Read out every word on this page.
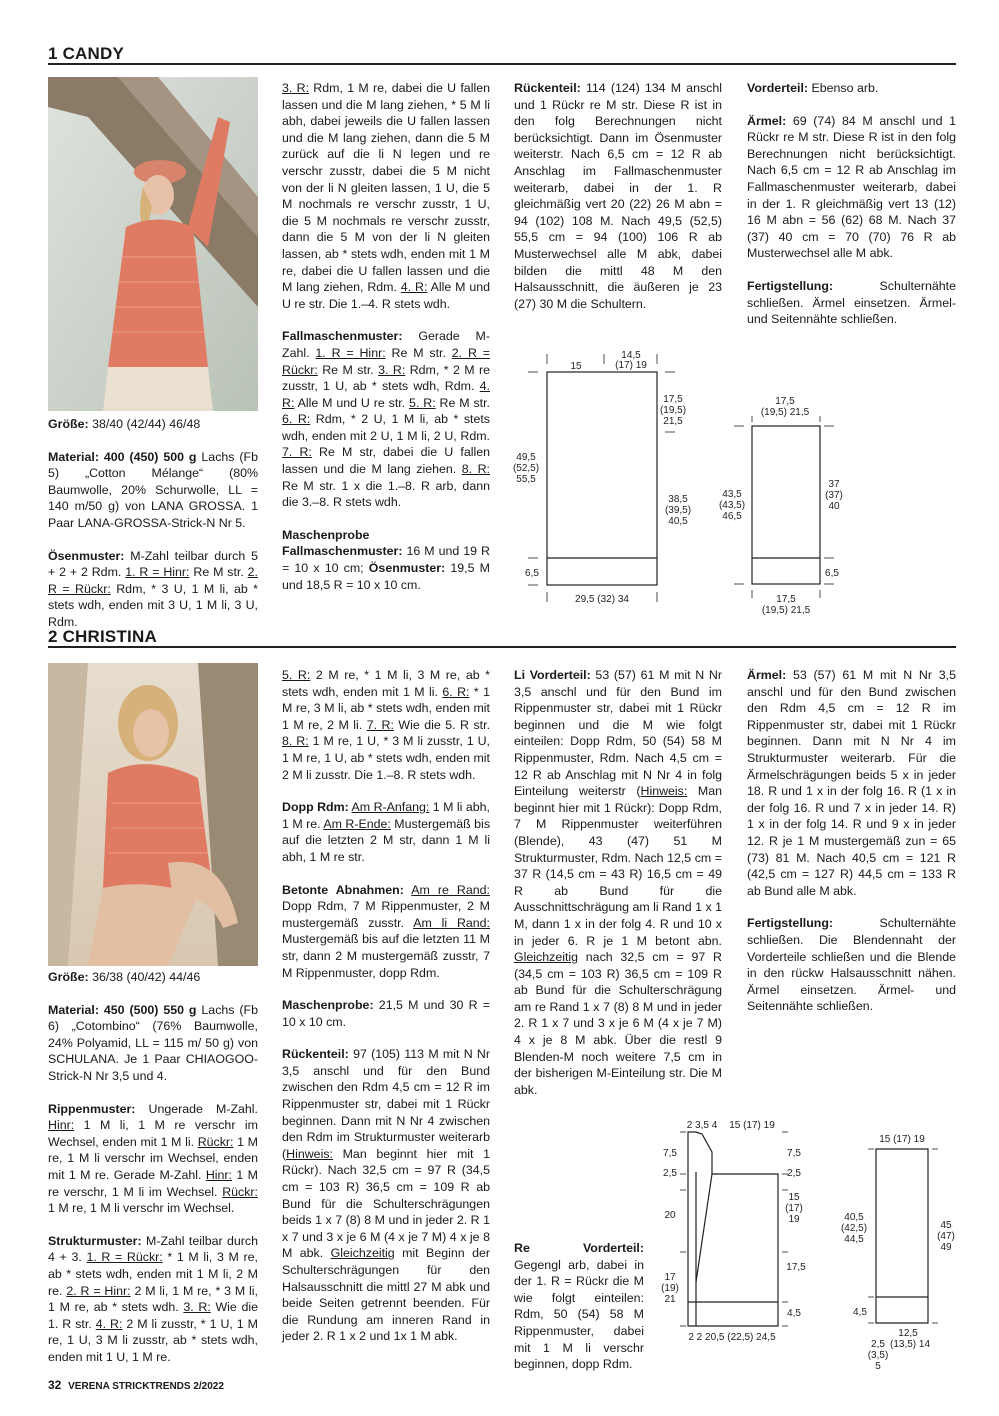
1 CANDY

Größe: 38/40 (42/44) 46/48

Material: 400 (450) 500 g Lachs (Fb 5) „Cotton Mélange“ (80% Baumwolle, 20% Schurwolle, LL = 140 m/50 g) von LANA GROSSA. 1 Paar LANA-GROSSA-Strick-N Nr 5.

Ösenmuster: M-Zahl teilbar durch 5 + 2 + 2 Rdm. 1. R = Hinr: Re M str. 2. R = Rückr: Rdm, * 3 U, 1 M li, ab * stets wdh, enden mit 3 U, 1 M li, 3 U, Rdm.

3. R: Rdm, 1 M re, dabei die U fallen lassen und die M lang ziehen, * 5 M li abh, dabei jeweils die U fallen lassen und die M lang ziehen, dann die 5 M zurück auf die li N legen und re verschr zusstr, dabei die 5 M nicht von der li N gleiten lassen, 1 U, die 5 M nochmals re verschr zusstr, 1 U, die 5 M nochmals re verschr zusstr, dann die 5 M von der li N gleiten lassen, ab * stets wdh, enden mit 1 M re, dabei die U fallen lassen und die M lang ziehen, Rdm. 4. R: Alle M und U re str. Die 1.–4. R stets wdh.

Fallmaschenmuster: Gerade M-Zahl. 1. R = Hinr: Re M str. 2. R = Rückr: Re M str. 3. R: Rdm, * 2 M re zusstr, 1 U, ab * stets wdh, Rdm. 4. R: Alle M und U re str. 5. R: Re M str. 6. R: Rdm, * 2 U, 1 M li, ab * stets wdh, enden mit 2 U, 1 M li, 2 U, Rdm. 7. R: Re M str, dabei die U fallen lassen und die M lang ziehen. 8. R: Re M str. 1 x die 1.–8. R arb, dann die 3.–8. R stets wdh.

Maschenprobe Fallmaschenmuster: 16 M und 19 R = 10 x 10 cm; Ösenmuster: 19,5 M und 18,5 R = 10 x 10 cm.

Rückenteil: 114 (124) 134 M anschl und 1 Rückr re M str. Diese R ist in den folg Berechnungen nicht berücksichtigt. Dann im Ösenmuster weiterstr. Nach 6,5 cm = 12 R ab Anschlag im Fallmaschenmuster weiterarb, dabei in der 1. R gleichmäßig vert 20 (22) 26 M abn = 94 (102) 108 M. Nach 49,5 (52,5) 55,5 cm = 94 (100) 106 R ab Musterwechsel alle M abk, dabei bilden die mittl 48 M den Halsausschnitt, die äußeren je 23 (27) 30 M die Schultern.

Vorderteil: Ebenso arb.

Ärmel: 69 (74) 84 M anschl und 1 Rückr re M str. Diese R ist in den folg Berechnungen nicht berücksichtigt. Nach 6,5 cm = 12 R ab Anschlag im Fallmaschenmuster weiterarb, dabei in der 1. R gleichmäßig vert 13 (12) 16 M abn = 56 (62) 68 M. Nach 37 (37) 40 cm = 70 (70) 76 R ab Musterwechsel alle M abk.

Fertigstellung: Schulternähte schließen. Ärmel einsetzen. Ärmel- und Seitennähte schließen.

15
14,5
(17) 19
17,5
(19,5)
21,5
49,5
(52,5)
55,5
38,5
(39,5)
40,5
6,5
29,5 (32) 34
17,5
(19,5) 21,5
43,5
(43,5)
46,5
37
(37)
40
6,5
17,5
(19,5) 21,5
2 CHRISTINA

Größe: 36/38 (40/42) 44/46

Material: 450 (500) 550 g Lachs (Fb 6) „Cotombino“ (76% Baumwolle, 24% Polyamid, LL = 115 m/ 50 g) von SCHULANA. Je 1 Paar CHIAOGOO-Strick-N Nr 3,5 und 4.

Rippenmuster: Ungerade M-Zahl. Hinr: 1 M li, 1 M re verschr im Wechsel, enden mit 1 M li. Rückr: 1 M re, 1 M li verschr im Wechsel, enden mit 1 M re. Gerade M-Zahl. Hinr: 1 M re verschr, 1 M li im Wechsel. Rückr: 1 M re, 1 M li verschr im Wechsel.

Strukturmuster: M-Zahl teilbar durch 4 + 3. 1. R = Rückr: * 1 M li, 3 M re, ab * stets wdh, enden mit 1 M li, 2 M re. 2. R = Hinr: 2 M li, 1 M re, * 3 M li, 1 M re, ab * stets wdh. 3. R: Wie die 1. R str. 4. R: 2 M li zusstr, * 1 U, 1 M re, 1 U, 3 M li zusstr, ab * stets wdh, enden mit 1 U, 1 M re.

5. R: 2 M re, * 1 M li, 3 M re, ab * stets wdh, enden mit 1 M li. 6. R: * 1 M re, 3 M li, ab * stets wdh, enden mit 1 M re, 2 M li. 7. R: Wie die 5. R str. 8. R: 1 M re, 1 U, * 3 M li zusstr, 1 U, 1 M re, 1 U, ab * stets wdh, enden mit 2 M li zusstr. Die 1.–8. R stets wdh.

Dopp Rdm: Am R-Anfang: 1 M li abh, 1 M re. Am R-Ende: Mustergemäß bis auf die letzten 2 M str, dann 1 M li abh, 1 M re str.

Betonte Abnahmen: Am re Rand: Dopp Rdm, 7 M Rippenmuster, 2 M mustergemäß zusstr. Am li Rand: Mustergemäß bis auf die letzten 11 M str, dann 2 M mustergemäß zusstr, 7 M Rippenmuster, dopp Rdm.

Maschenprobe: 21,5 M und 30 R = 10 x 10 cm.

Rückenteil: 97 (105) 113 M mit N Nr 3,5 anschl und für den Bund zwischen den Rdm 4,5 cm = 12 R im Rippenmuster str, dabei mit 1 Rückr beginnen. Dann mit N Nr 4 zwischen den Rdm im Strukturmuster weiterarb (Hinweis: Man beginnt hier mit 1 Rückr). Nach 32,5 cm = 97 R (34,5 cm = 103 R) 36,5 cm = 109 R ab Bund für die Schulterschrägungen beids 1 x 7 (8) 8 M und in jeder 2. R 1 x 7 und 3 x je 6 M (4 x je 7 M) 4 x je 8 M abk. Gleichzeitig mit Beginn der Schulterschrägungen für den Halsausschnitt die mittl 27 M abk und beide Seiten getrennt beenden. Für die Rundung am inneren Rand in jeder 2. R 1 x 2 und 1x 1 M abk.

Li Vorderteil: 53 (57) 61 M mit N Nr 3,5 anschl und für den Bund im Rippenmuster str, dabei mit 1 Rückr beginnen und die M wie folgt einteilen: Dopp Rdm, 50 (54) 58 M Rippenmuster, Rdm. Nach 4,5 cm = 12 R ab Anschlag mit N Nr 4 in folg Einteilung weiterstr (Hinweis: Man beginnt hier mit 1 Rückr): Dopp Rdm, 7 M Rippenmuster weiterführen (Blende), 43 (47) 51 M Strukturmuster, Rdm. Nach 12,5 cm = 37 R (14,5 cm = 43 R) 16,5 cm = 49 R ab Bund für die Ausschnittschrägung am li Rand 1 x 1 M, dann 1 x in der folg 4. R und 10 x in jeder 6. R je 1 M betont abn. Gleichzeitig nach 32,5 cm = 97 R (34,5 cm = 103 R) 36,5 cm = 109 R ab Bund für die Schulterschrägung am re Rand 1 x 7 (8) 8 M und in jeder 2. R 1 x 7 und 3 x je 6 M (4 x je 7 M) 4 x je 8 M abk. Über die restl 9 Blenden-M noch weitere 7,5 cm in der bisherigen M-Einteilung str. Die M abk.

Re Vorderteil: Gegengl arb, dabei in der 1. R = Rückr die M wie folgt einteilen: Rdm, 50 (54) 58 M Rippenmuster, dabei mit 1 M li verschr beginnen, dopp Rdm.

Ärmel: 53 (57) 61 M mit N Nr 3,5 anschl und für den Bund zwischen den Rdm 4,5 cm = 12 R im Rippenmuster str, dabei mit 1 Rückr beginnen. Dann mit N Nr 4 im Strukturmuster weiterarb. Für die Ärmelschrägungen beids 5 x in jeder 18. R und 1 x in der folg 16. R (1 x in der folg 16. R und 7 x in jeder 14. R) 1 x in der folg 14. R und 9 x in jeder 12. R je 1 M mustergemäß zun = 65 (73) 81 M. Nach 40,5 cm = 121 R (42,5 cm = 127 R) 44,5 cm = 133 R ab Bund alle M abk.

Fertigstellung: Schulternähte schließen. Die Blendennaht der Vorderteile schließen und die Blende in den rückw Halsausschnitt nähen. Ärmel einsetzen. Ärmel- und Seitennähte schließen.

2 3,5 4 15 (17) 19
7,5
2,5
20
17
(19)
21
7,5
2,5
15
(17)
19
17,5
4,5
2 2 20,5 (22,5) 24,5
15 (17) 19
40,5
(42,5)
44,5
4,5
45
(47)
49
2,5
(3,5)
5
12,5
(13,5) 14
32 VERENA STRICKTRENDS 2/2022
